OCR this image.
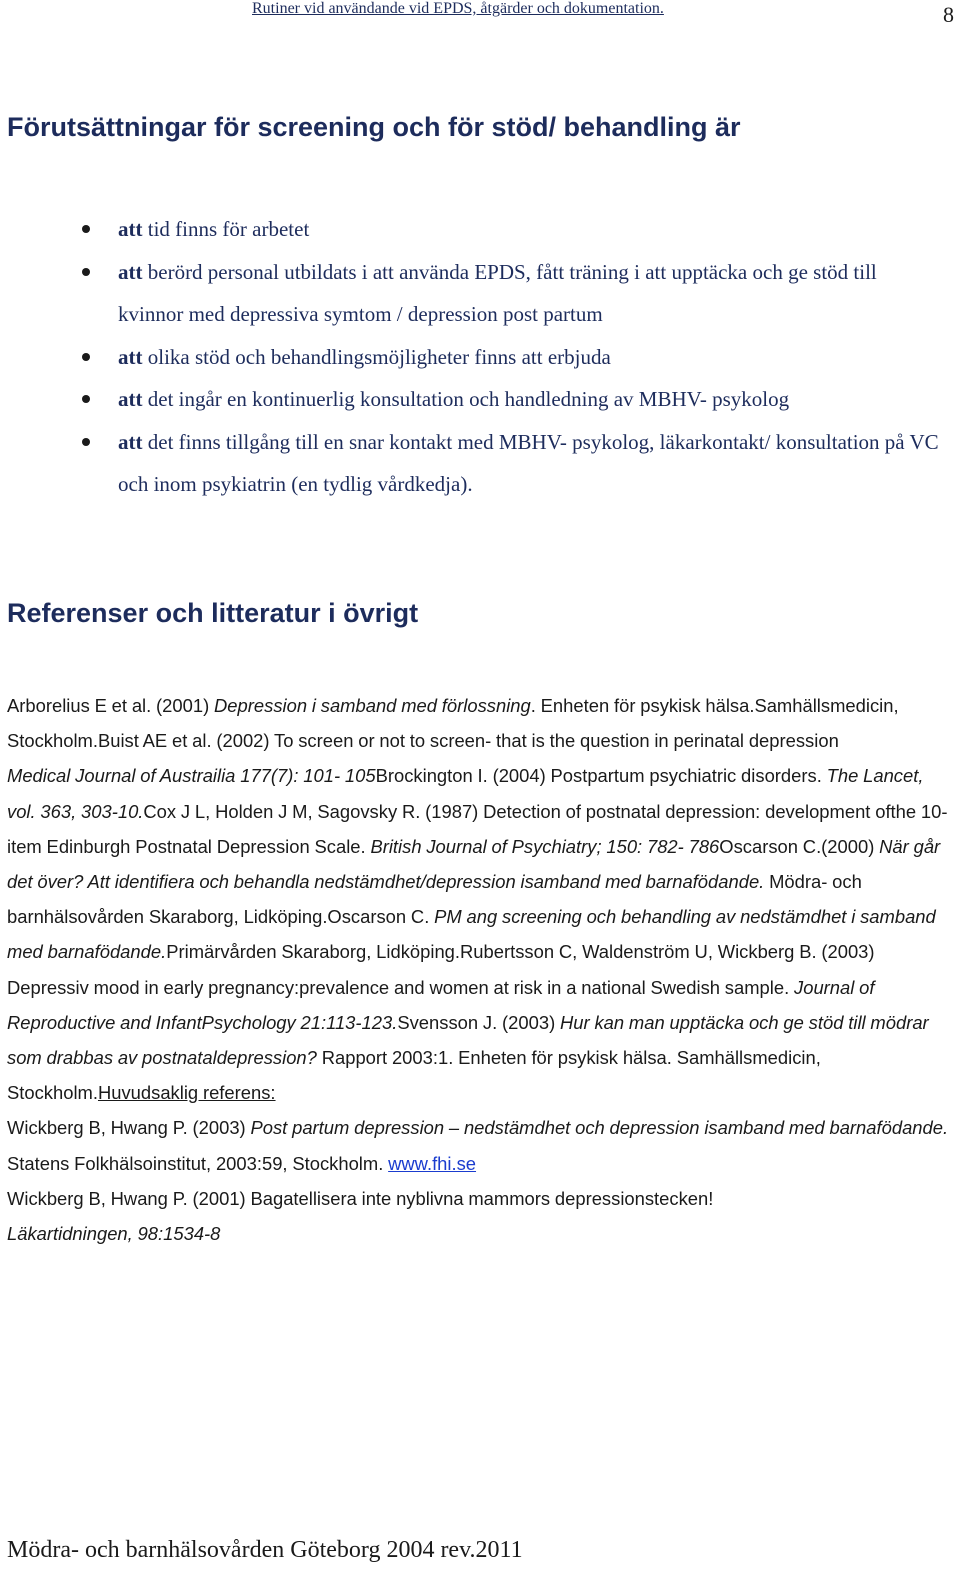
Rutiner vid användande vid EPDS, åtgärder och dokumentation.	8
Förutsättningar för screening och för stöd/ behandling är
att tid finns för arbetet
att berörd personal utbildats i att använda EPDS, fått träning i att upptäcka och ge stöd till kvinnor med depressiva symtom / depression post partum
att olika stöd och behandlingsmöjligheter finns att erbjuda
att det ingår en kontinuerlig konsultation och handledning av MBHV- psykolog
att det finns tillgång till en snar kontakt med MBHV- psykolog, läkarkontakt/ konsultation på VC och inom psykiatrin (en tydlig vårdkedja).
Referenser och litteratur i övrigt
Arborelius E et al. (2001) Depression i samband med förlossning. Enheten för psykisk hälsa.Samhällsmedicin, Stockholm.Buist AE et al. (2002) To screen or not to screen- that is the question in perinatal depression
Medical Journal of Austrailia 177(7): 101- 105Brockington I. (2004) Postpartum psychiatric disorders. The Lancet, vol. 363, 303-10.Cox J L, Holden J M, Sagovsky R. (1987) Detection of postnatal depression: development ofthe 10- item Edinburgh Postnatal Depression Scale. British Journal of Psychiatry; 150: 782- 786Oscarson C.(2000) När går det över? Att identifiera och behandla nedstämdhet/depression isamband med barnafödande. Mödra- och barnhälsovården Skaraborg, Lidköping.Oscarson C. PM ang screening och behandling av nedstämdhet i samband med barnafödande.Primärvården Skaraborg, Lidköping.Rubertsson C, Waldenström U, Wickberg B. (2003) Depressiv mood in early pregnancy:prevalence and women at risk in a national Swedish sample. Journal of Reproductive and InfantPsychology 21:113-123.Svensson J. (2003) Hur kan man upptäcka och ge stöd till mödrar som drabbas av postnataldepression? Rapport 2003:1. Enheten för psykisk hälsa. Samhällsmedicin, Stockholm.Huvudsaklig referens:
Wickberg B, Hwang P. (2003) Post partum depression – nedstämdhet och depression isamband med barnafödande. Statens Folkhälsoinstitut, 2003:59, Stockholm. www.fhi.se
Wickberg B, Hwang P. (2001) Bagatellisera inte nyblivna mammors depressionstecken!
Läkartidningen, 98:1534-8
Mödra- och barnhälsovården Göteborg 2004 rev.2011
